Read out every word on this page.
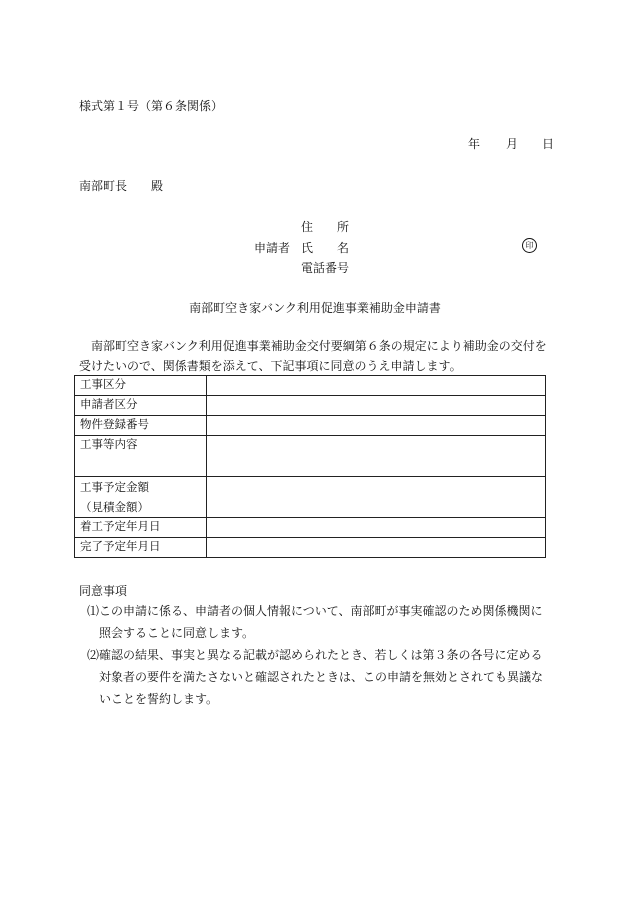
様式第１号（第６条関係）
年 月 日
南部町長 殿
申請者
住所
氏名
電話番号
印
南部町空き家バンク利用促進事業補助金申請書
南部町空き家バンク利用促進事業補助金交付要綱第６条の規定により補助金の交付を受けたいので、関係書類を添えて、下記事項に同意のうえ申請します。
工事区分	
申請者区分	
物件登録番号	
工事等内容	
工事予定金額
（見積金額）	
着工予定年月日	
完了予定年月日	
同意事項
⑴ この申請に係る、申請者の個人情報について、南部町が事実確認のため関係機関に照会することに同意します。
⑵ 確認の結果、事実と異なる記載が認められたとき、若しくは第３条の各号に定める対象者の要件を満たさないと確認されたときは、この申請を無効とされても異議ないことを誓約します。
